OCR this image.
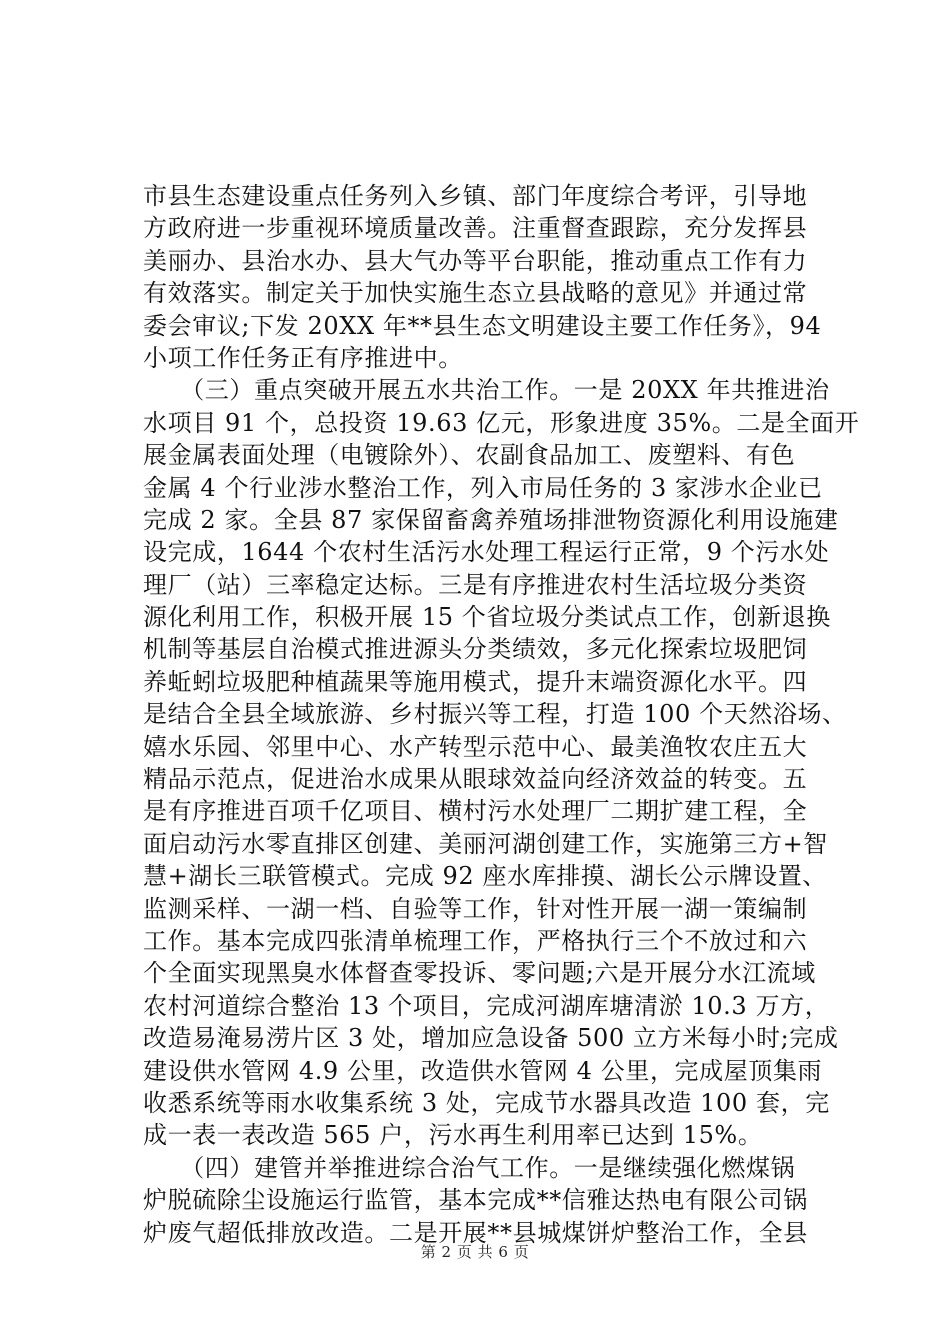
市县生态建设重点任务列入乡镇、部门年度综合考评，引导地
方政府进一步重视环境质量改善。注重督查跟踪，充分发挥县
美丽办、县治水办、县大气办等平台职能，推动重点工作有力
有效落实。制定关于加快实施生态立县战略的意见》并通过常
委会审议;下发 20XX 年**县生态文明建设主要工作任务》，94
小项工作任务正有序推进中。
　　（三）重点突破开展五水共治工作。一是 20XX 年共推进治
水项目 91 个，总投资 19.63 亿元，形象进度 35%。二是全面开
展金属表面处理（电镀除外）、农副食品加工、废塑料、有色
金属 4 个行业涉水整治工作，列入市局任务的 3 家涉水企业已
完成 2 家。全县 87 家保留畜禽养殖场排泄物资源化利用设施建
设完成，1644 个农村生活污水处理工程运行正常，9 个污水处
理厂（站）三率稳定达标。三是有序推进农村生活垃圾分类资
源化利用工作，积极开展 15 个省垃圾分类试点工作，创新退换
机制等基层自治模式推进源头分类绩效，多元化探索垃圾肥饲
养蚯蚓垃圾肥种植蔬果等施用模式，提升末端资源化水平。四
是结合全县全域旅游、乡村振兴等工程，打造 100 个天然浴场、
嬉水乐园、邻里中心、水产转型示范中心、最美渔牧农庄五大
精品示范点，促进治水成果从眼球效益向经济效益的转变。五
是有序推进百项千亿项目、横村污水处理厂二期扩建工程，全
面启动污水零直排区创建、美丽河湖创建工作，实施第三方+智
慧+湖长三联管模式。完成 92 座水库排摸、湖长公示牌设置、
监测采样、一湖一档、自验等工作，针对性开展一湖一策编制
工作。基本完成四张清单梳理工作，严格执行三个不放过和六
个全面实现黑臭水体督查零投诉、零问题;六是开展分水江流域
农村河道综合整治 13 个项目，完成河湖库塘清淤 10.3 万方，
改造易淹易涝片区 3 处，增加应急设备 500 立方米每小时;完成
建设供水管网 4.9 公里，改造供水管网 4 公里，完成屋顶集雨
收悉系统等雨水收集系统 3 处，完成节水器具改造 100 套，完
成一表一表改造 565 户，污水再生利用率已达到 15%。
　　（四）建管并举推进综合治气工作。一是继续强化燃煤锅
炉脱硫除尘设施运行监管，基本完成**信雅达热电有限公司锅
炉废气超低排放改造。二是开展**县城煤饼炉整治工作，全县
第 2 页 共 6 页
